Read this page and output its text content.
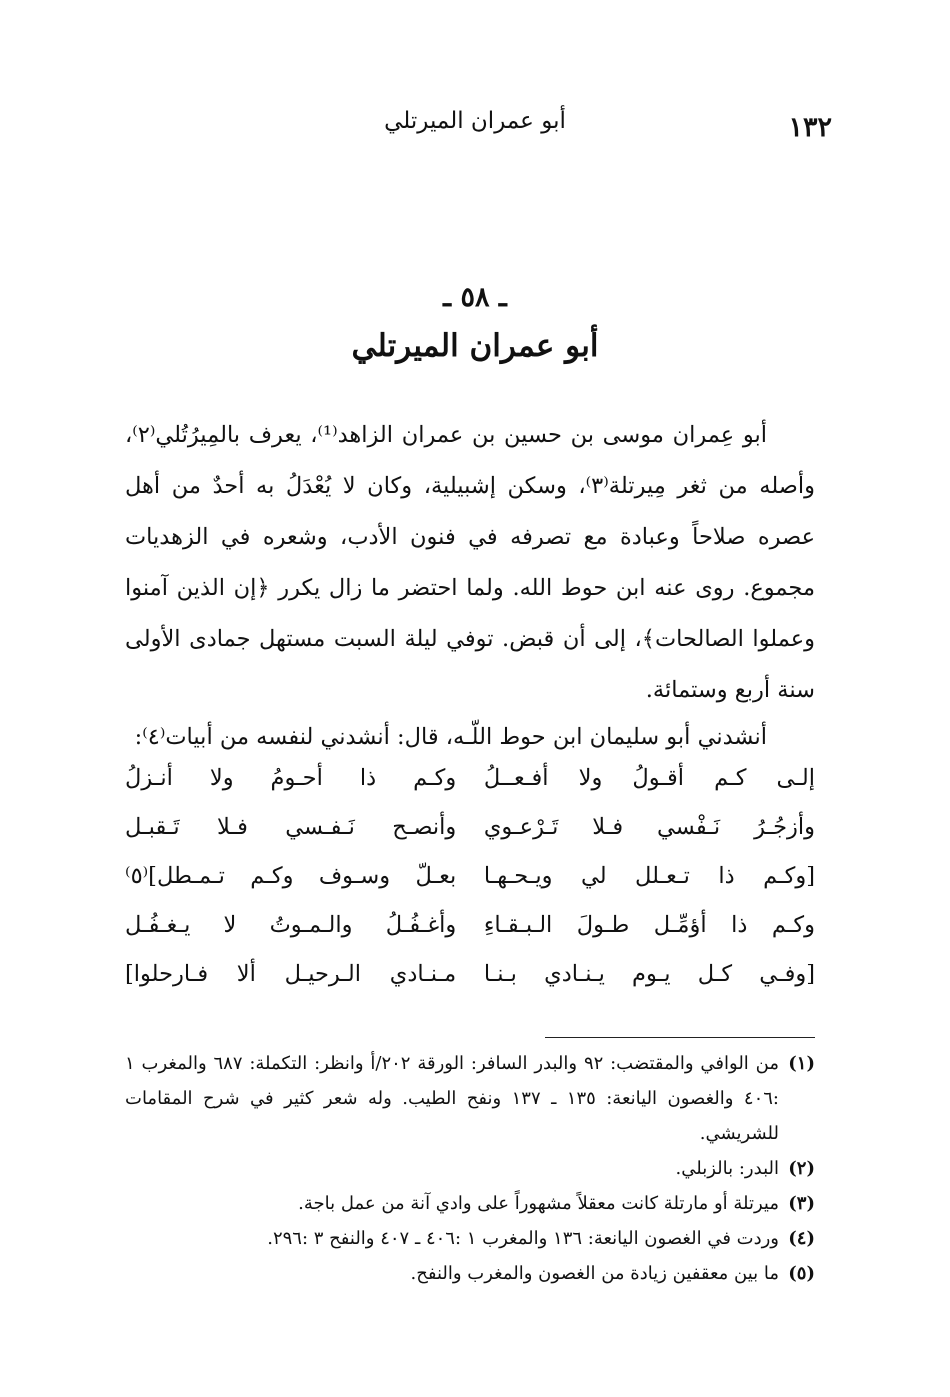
١٣٢
أبو عمران الميرتلي
ـ ٥٨ ـ
أبو عمران الميرتلي

أبو عِمران موسى بن حسين بن عمران الزاهد⁽¹⁾، يعرف بالمِيرُتُلي⁽٢⁾، وأصله من ثغر مِيرتلة⁽٣⁾، وسكن إشبيلية، وكان لا يُعْدَلُ به أحدٌ من أهل عصره صلاحاً وعبادة مع تصرفه في فنون الأدب، وشعره في الزهديات مجموع. روى عنه ابن حوط الله. ولما احتضر ما زال يكرر ﴿إن الذين آمنوا وعملوا الصالحات﴾، إلى أن قبض. توفي ليلة السبت مستهل جمادى الأولى سنة أربع وستمائة.

أنشدني أبو سليمان ابن حوط اللّـه، قال: أنشدني لنفسه من أبيات⁽٤⁾:
إلـى كـم أقـولُ ولا أفـعــلُ
وكـم ذا أحـومُ ولا أنـزلُ
وأزجُـرُ نَـفْسي فـلا تَـرْعـوي
وأنصـح نَـفـسي فـلا تَـقبـل
[وكـم ذا تـعـلل لي ويـحـهـا
بعـلّ وسـوف وكـم تـمـطل]⁽٥⁾
وكـم ذا أؤمِّـل طـولَ الـبـقـاءِ
وأغـفُـلُ والـمـوتُ لا يـغـفُـل
[وفـي كـل يـوم يـنـادي بـنـا
مـنـادي الـرحيـل ألا فـارحلوا]
(١)
من الوافي والمقتضب: ٩٢ والبدر السافر: الورقة ٢٠٢/أ وانظر: التكملة: ٦٨٧ والمغرب ١ :٤٠٦ والغصون اليانعة: ١٣٥ ـ ١٣٧ ونفح الطيب. وله شعر كثير في شرح المقامات للشريشي.
(٢)
البدر: بالزبلي.
(٣)
ميرتلة أو مارتلة كانت معقلاً مشهوراً على وادي آنة من عمل باجة.
(٤)
وردت في الغصون اليانعة: ١٣٦ والمغرب ١ :٤٠٦ ـ ٤٠٧ والنفح ٣ :٢٩٦.
(٥)
ما بين معقفين زيادة من الغصون والمغرب والنفح.
